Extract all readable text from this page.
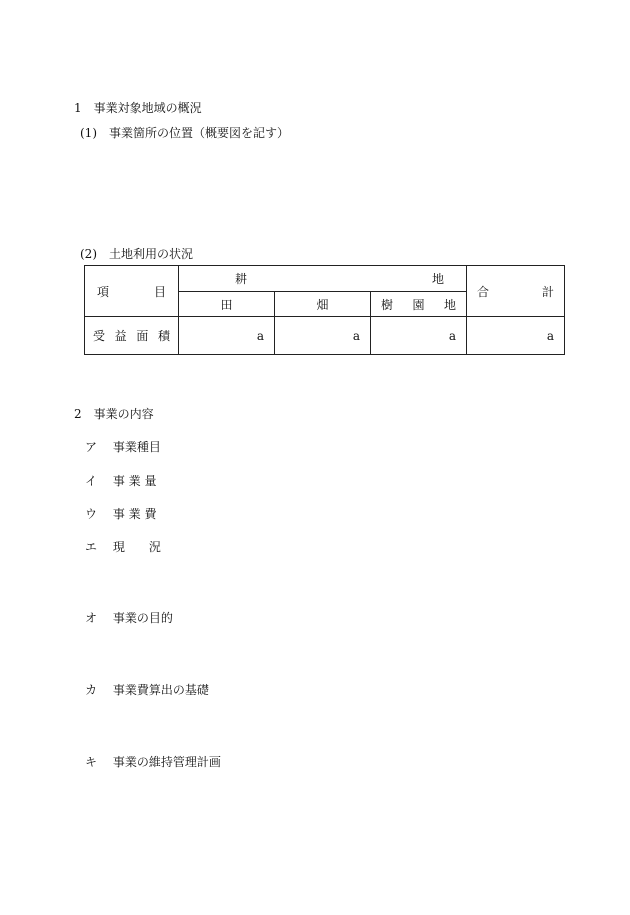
1　事業対象地域の概況
(1)　事業箇所の位置（概要図を記す）
(2)　土地利用の状況
項 目	耕 地			合 計

	田	畑	樹 園 地	

受 益 面 積	a	a	a	a
2　事業の内容
ア 事業種目
イ 事 業 量
ウ 事 業 費
エ 現　　況
オ 事業の目的
カ 事業費算出の基礎
キ 事業の維持管理計画
